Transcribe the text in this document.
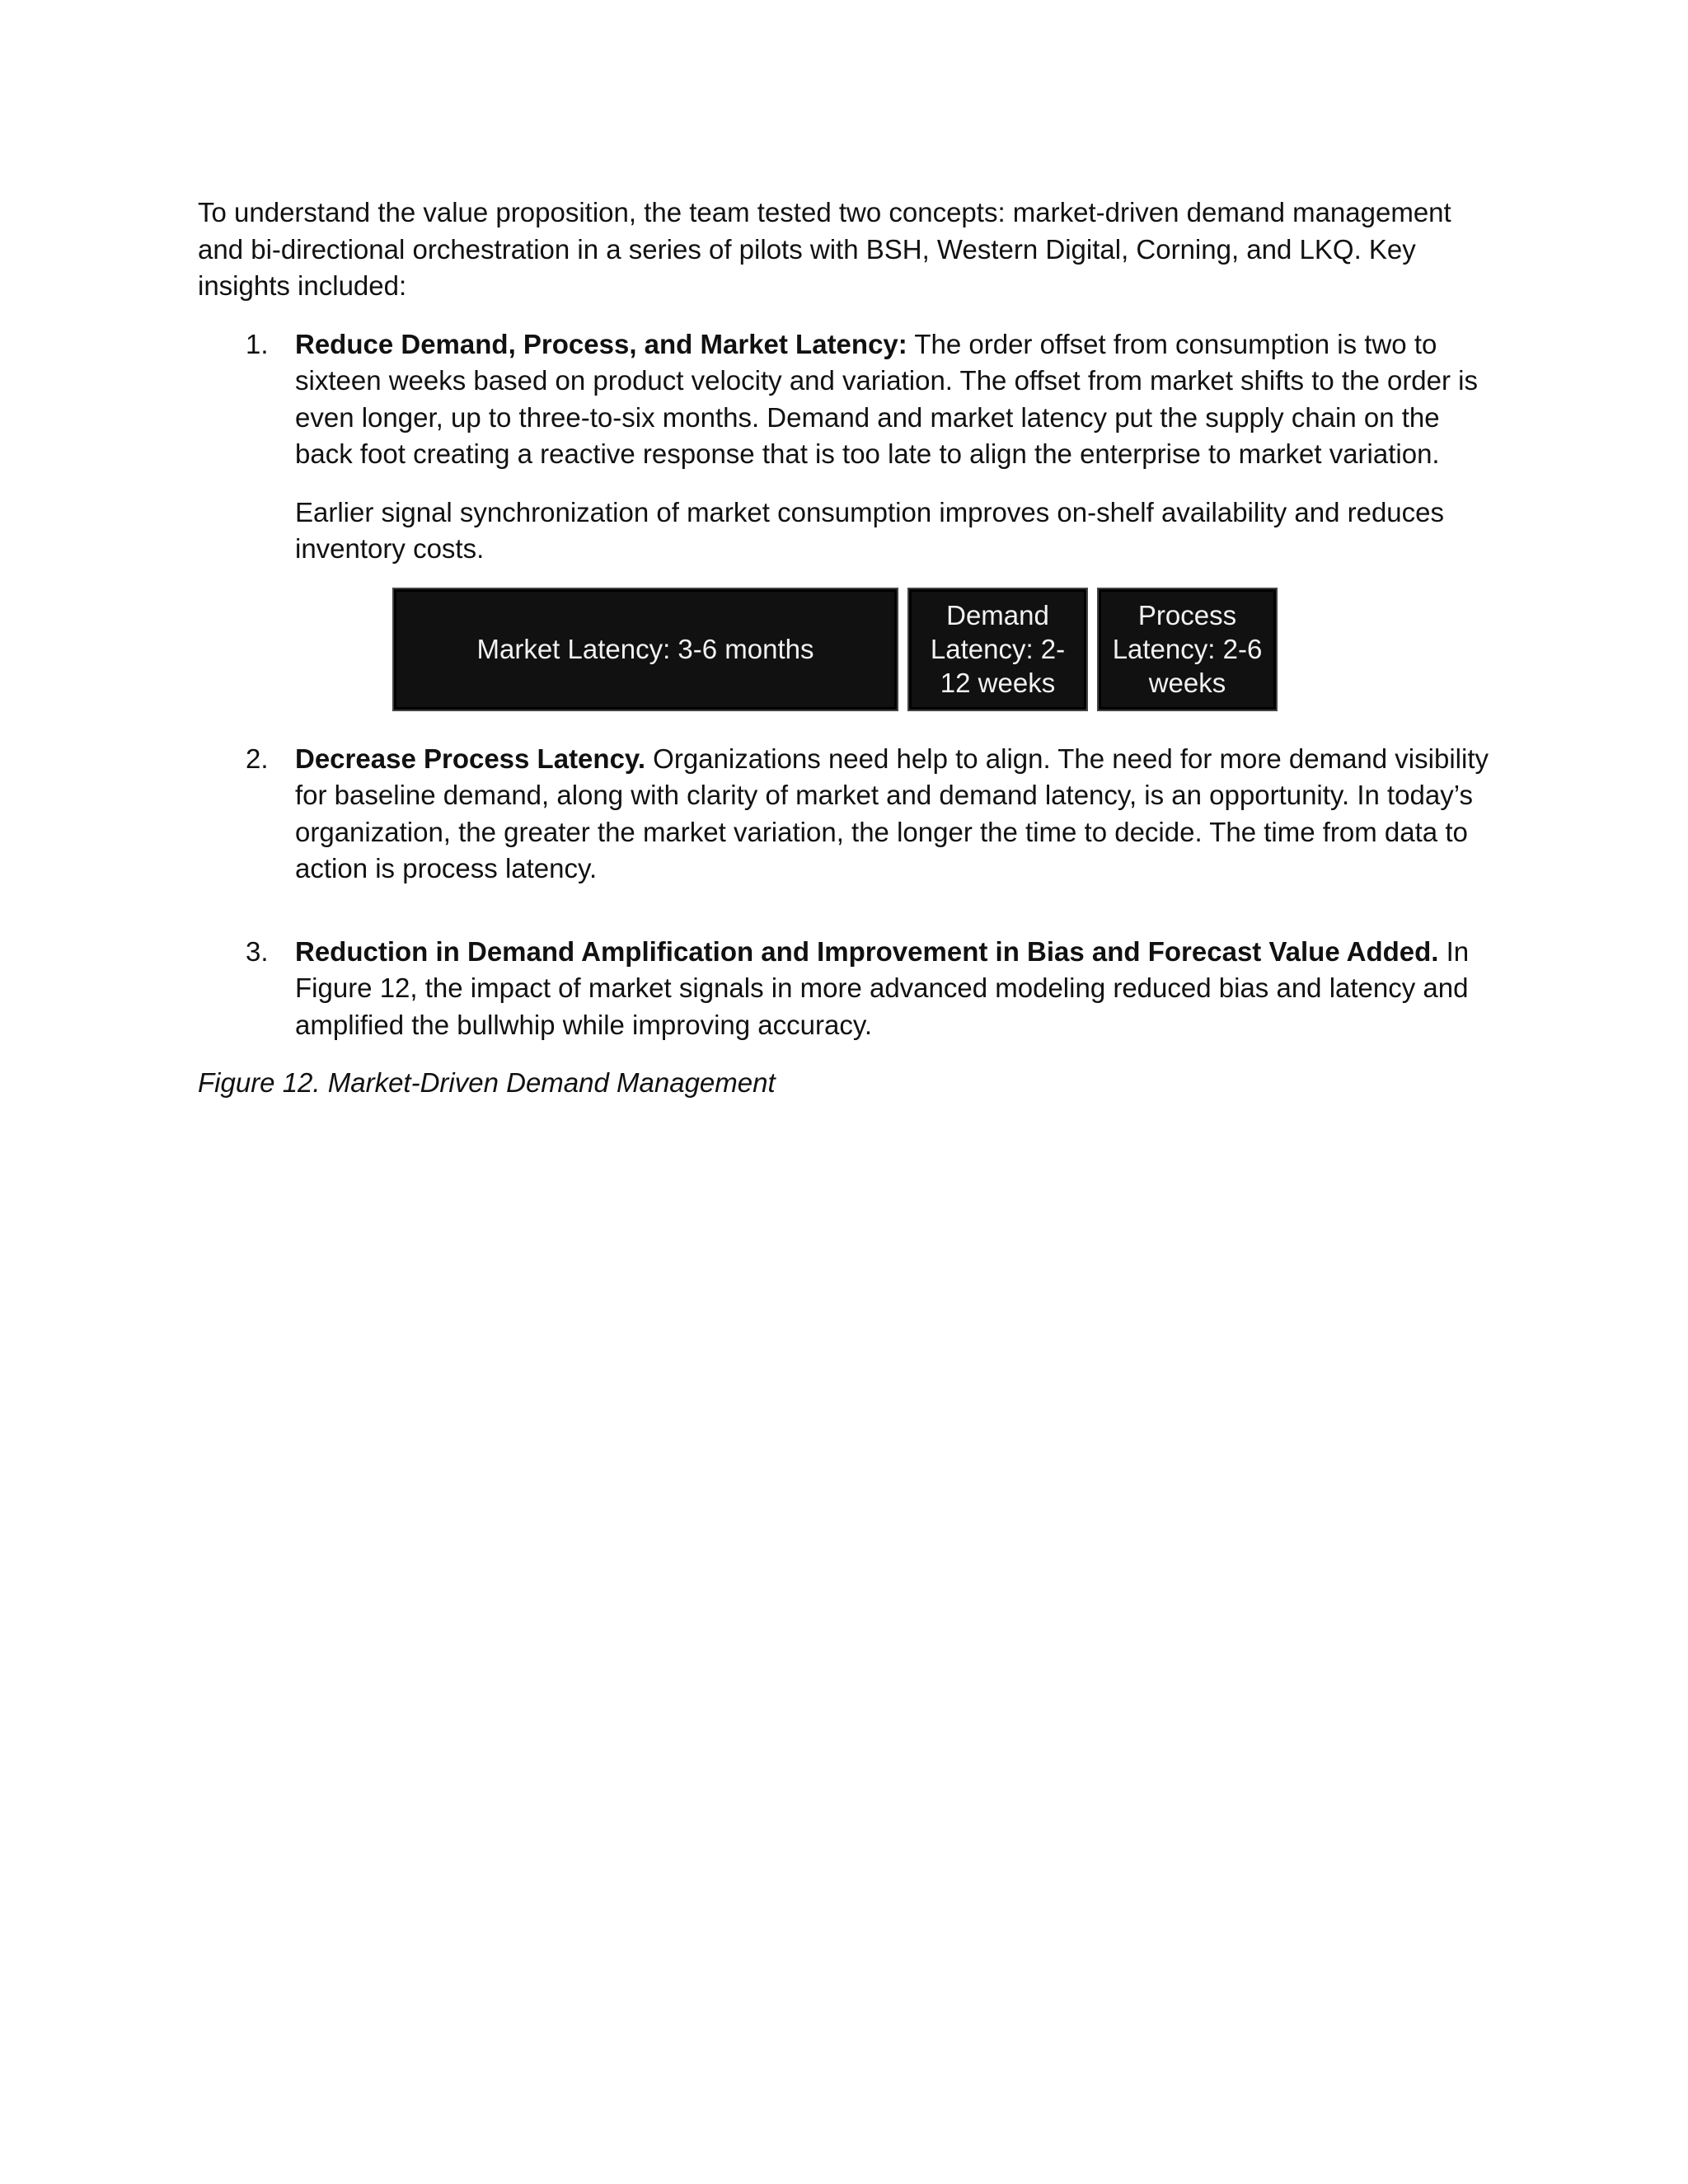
To understand the value proposition, the team tested two concepts: market-driven demand management and bi-directional orchestration in a series of pilots with BSH, Western Digital, Corning, and LKQ. Key insights included:

1. Reduce Demand, Process, and Market Latency: The order offset from consumption is two to sixteen weeks based on product velocity and variation. The offset from market shifts to the order is even longer, up to three-to-six months. Demand and market latency put the supply chain on the back foot creating a reactive response that is too late to align the enterprise to market variation.

Earlier signal synchronization of market consumption improves on-shelf availability and reduces inventory costs.

Market Latency: 3-6 months
Demand Latency: 2-12 weeks
Process Latency: 2-6 weeks
2. Decrease Process Latency. Organizations need help to align. The need for more demand visibility for baseline demand, along with clarity of market and demand latency, is an opportunity. In today’s organization, the greater the market variation, the longer the time to decide. The time from data to action is process latency.

3. Reduction in Demand Amplification and Improvement in Bias and Forecast Value Added. In Figure 12, the impact of market signals in more advanced modeling reduced bias and latency and amplified the bullwhip while improving accuracy.

Figure 12. Market-Driven Demand Management
